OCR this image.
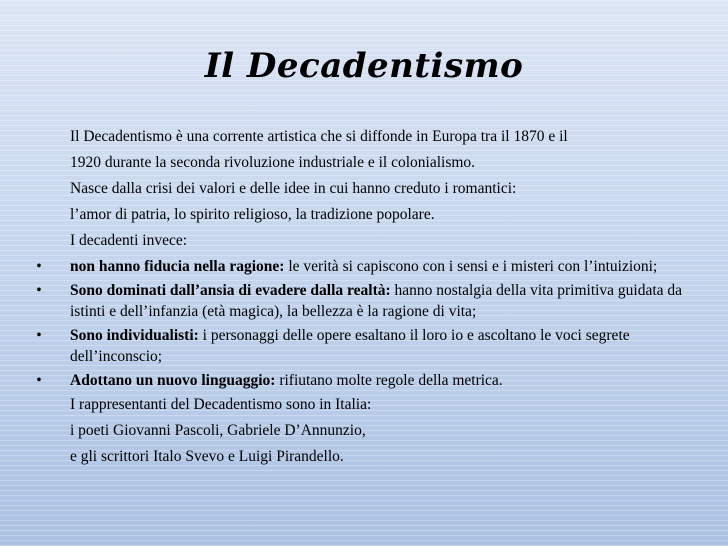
Il Decadentismo

Il Decadentismo è una corrente artistica che si diffonde in Europa tra il 1870 e il

1920 durante la seconda rivoluzione industriale e il colonialismo.

Nasce dalla crisi dei valori e delle idee in cui hanno creduto i romantici:

l’amor di patria, lo spirito religioso, la tradizione popolare.

I decadenti invece:

• non hanno fiducia nella ragione: le verità si capiscono con i sensi e i misteri con l’intuizioni;

• Sono dominati dall’ansia di evadere dalla realtà: hanno nostalgia della vita primitiva guidata da istinti e dell’infanzia (età magica), la bellezza è la ragione di vita;

• Sono individualisti: i personaggi delle opere esaltano il loro io e ascoltano le voci segrete dell’inconscio;

• Adottano un nuovo linguaggio: rifiutano molte regole della metrica.

I rappresentanti del Decadentismo sono in Italia:

i poeti Giovanni Pascoli, Gabriele D’Annunzio,

e gli scrittori Italo Svevo e Luigi Pirandello.
